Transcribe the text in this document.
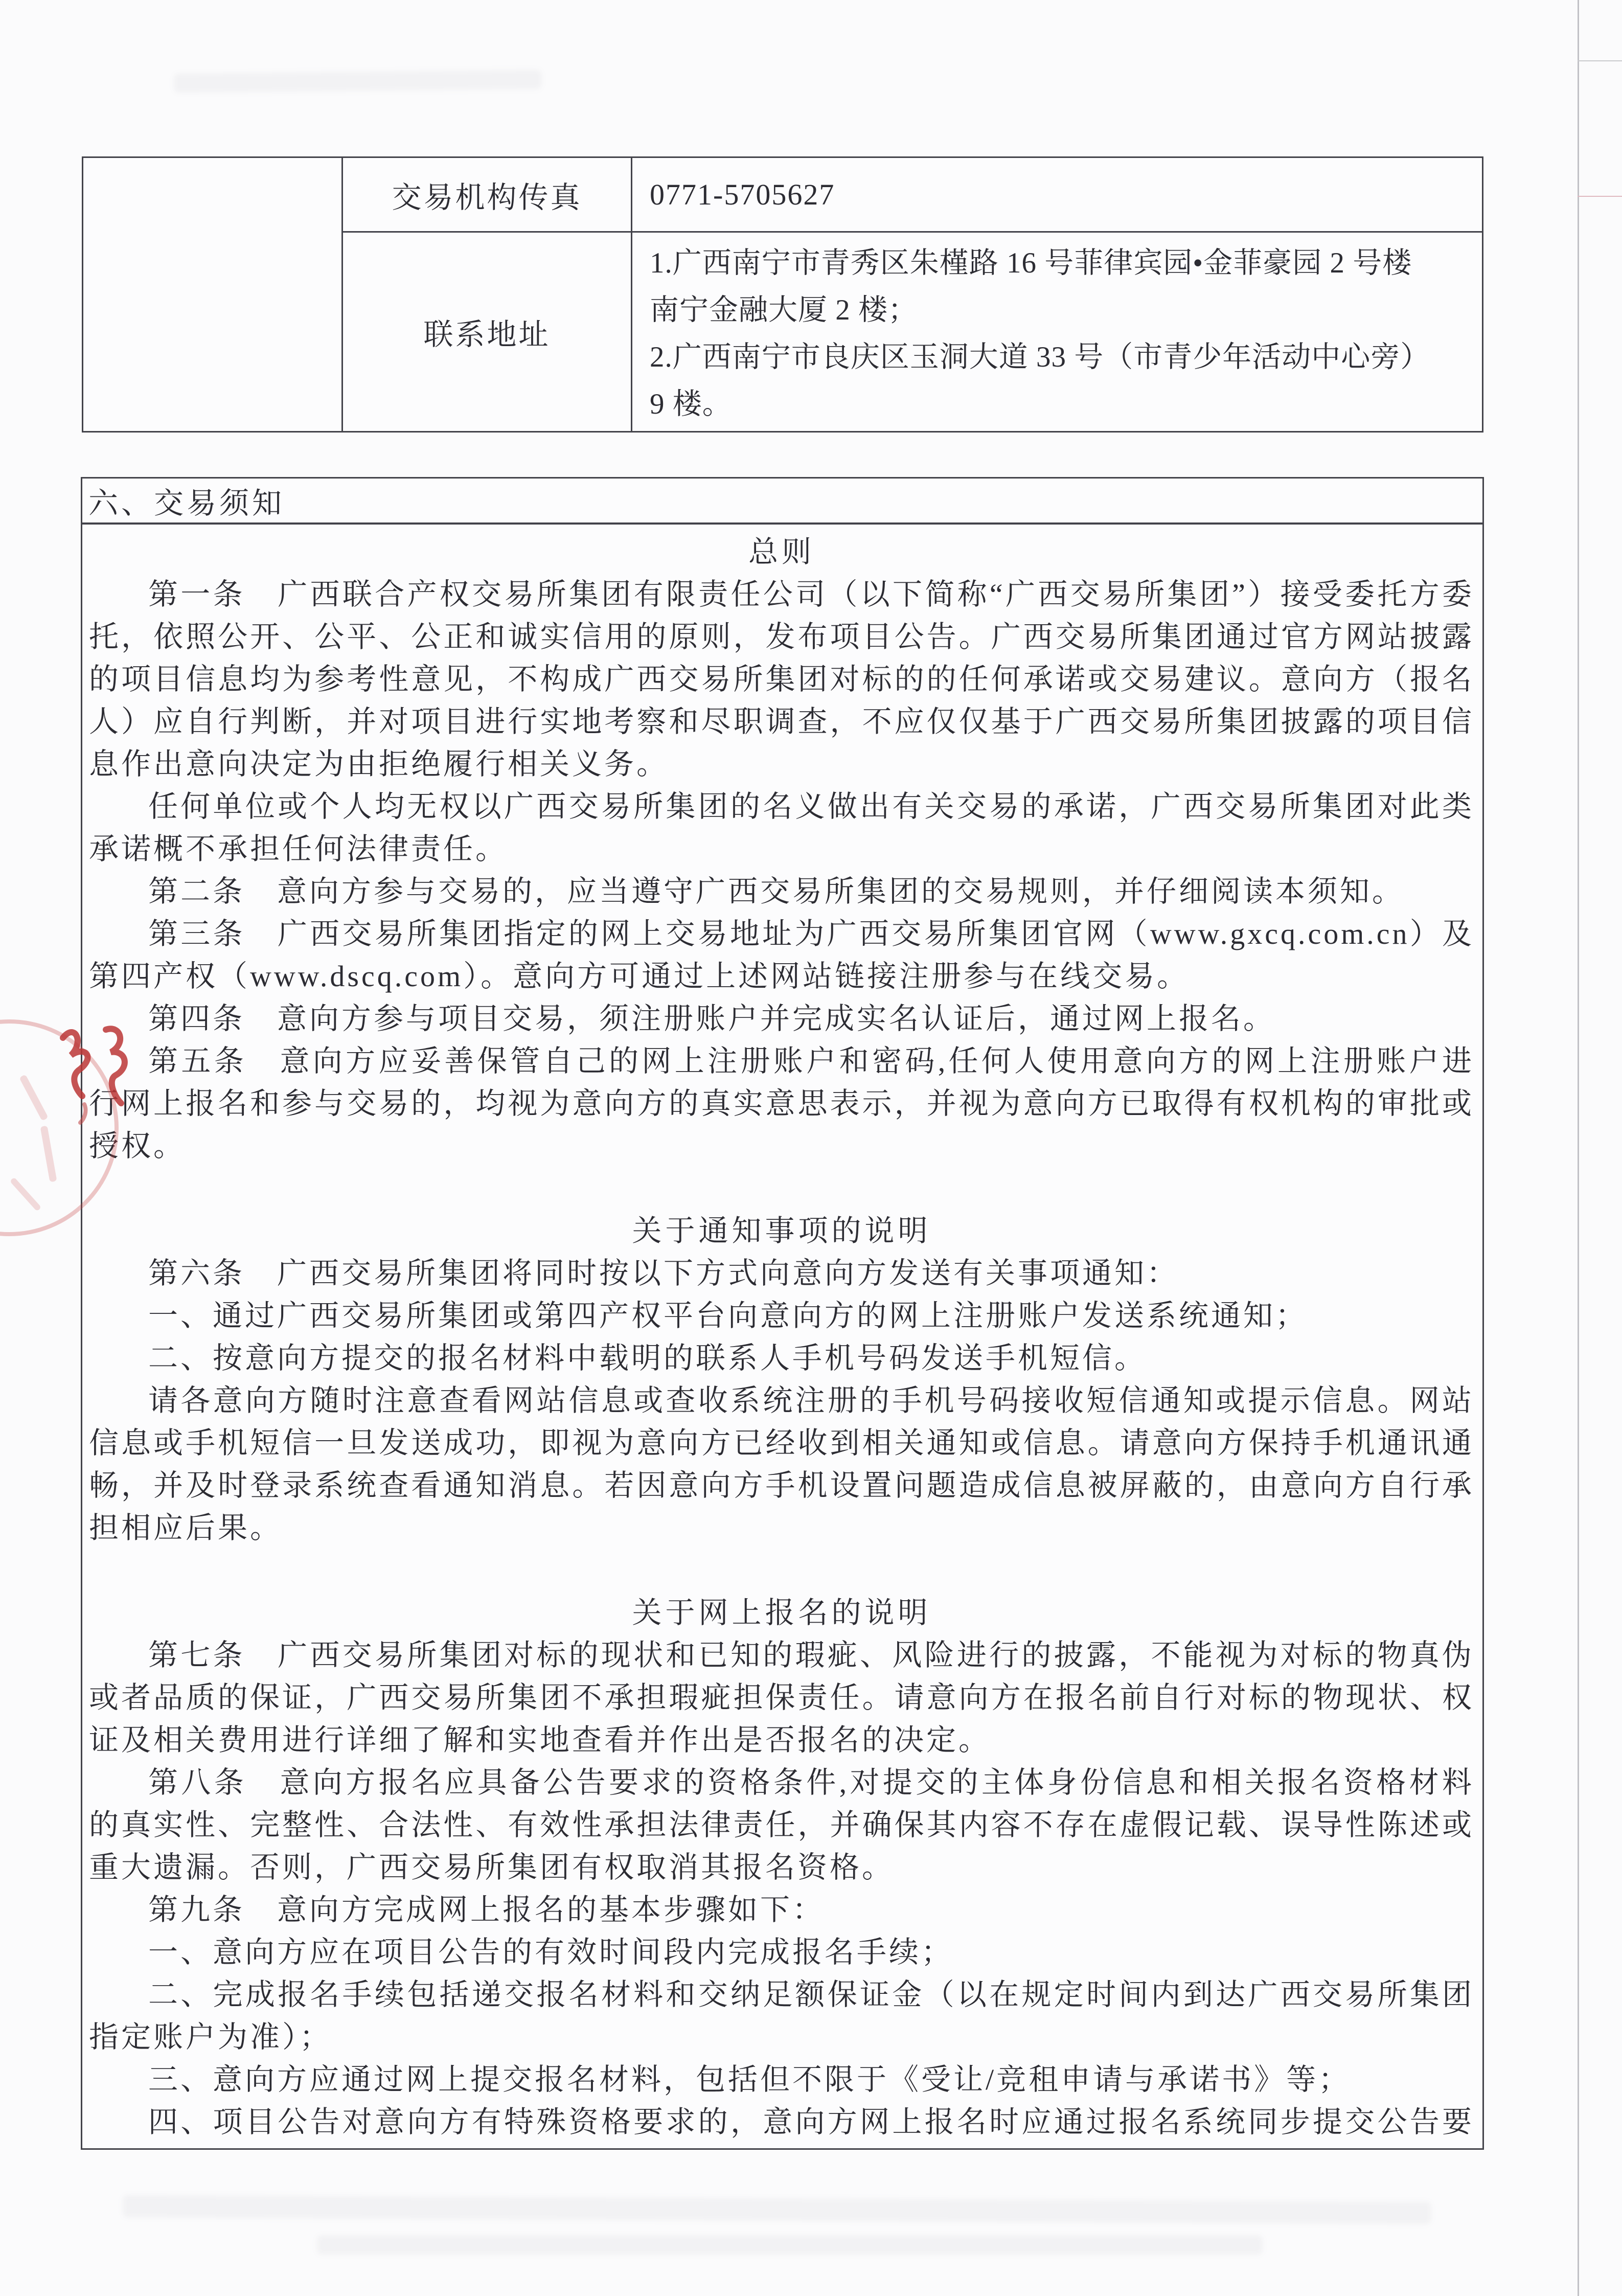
交易机构传真	0771-5705627
联系地址
1.广西南宁市青秀区朱槿路 16 号菲律宾园•金菲豪园 2 号楼
南宁金融大厦 2 楼；
2.广西南宁市良庆区玉洞大道 33 号（市青少年活动中心旁）
9 楼。
六、交易须知

总则

第一条　广西联合产权交易所集团有限责任公司（以下简称“广西交易所集团”）接受委托方委托，依照公开、公平、公正和诚实信用的原则，发布项目公告。广西交易所集团通过官方网站披露的项目信息均为参考性意见，不构成广西交易所集团对标的的任何承诺或交易建议。意向方（报名人）应自行判断，并对项目进行实地考察和尽职调查，不应仅仅基于广西交易所集团披露的项目信息作出意向决定为由拒绝履行相关义务。

任何单位或个人均无权以广西交易所集团的名义做出有关交易的承诺，广西交易所集团对此类承诺概不承担任何法律责任。

第二条　意向方参与交易的，应当遵守广西交易所集团的交易规则，并仔细阅读本须知。

第三条　广西交易所集团指定的网上交易地址为广西交易所集团官网（www.gxcq.com.cn）及第四产权（www.dscq.com）。意向方可通过上述网站链接注册参与在线交易。

第四条　意向方参与项目交易，须注册账户并完成实名认证后，通过网上报名。

第五条　意向方应妥善保管自己的网上注册账户和密码,任何人使用意向方的网上注册账户进行网上报名和参与交易的，均视为意向方的真实意思表示，并视为意向方已取得有权机构的审批或授权。

关于通知事项的说明

第六条　广西交易所集团将同时按以下方式向意向方发送有关事项通知：

一、通过广西交易所集团或第四产权平台向意向方的网上注册账户发送系统通知；

二、按意向方提交的报名材料中载明的联系人手机号码发送手机短信。

请各意向方随时注意查看网站信息或查收系统注册的手机号码接收短信通知或提示信息。网站信息或手机短信一旦发送成功，即视为意向方已经收到相关通知或信息。请意向方保持手机通讯通畅，并及时登录系统查看通知消息。若因意向方手机设置问题造成信息被屏蔽的，由意向方自行承担相应后果。

关于网上报名的说明

第七条　广西交易所集团对标的现状和已知的瑕疵、风险进行的披露，不能视为对标的物真伪或者品质的保证，广西交易所集团不承担瑕疵担保责任。请意向方在报名前自行对标的物现状、权证及相关费用进行详细了解和实地查看并作出是否报名的决定。

第八条　意向方报名应具备公告要求的资格条件,对提交的主体身份信息和相关报名资格材料的真实性、完整性、合法性、有效性承担法律责任，并确保其内容不存在虚假记载、误导性陈述或重大遗漏。否则，广西交易所集团有权取消其报名资格。

第九条　意向方完成网上报名的基本步骤如下：

一、意向方应在项目公告的有效时间段内完成报名手续；

二、完成报名手续包括递交报名材料和交纳足额保证金（以在规定时间内到达广西交易所集团指定账户为准）；

三、意向方应通过网上提交报名材料，包括但不限于《受让/竞租申请与承诺书》等；

四、项目公告对意向方有特殊资格要求的，意向方网上报名时应通过报名系统同步提交公告要
